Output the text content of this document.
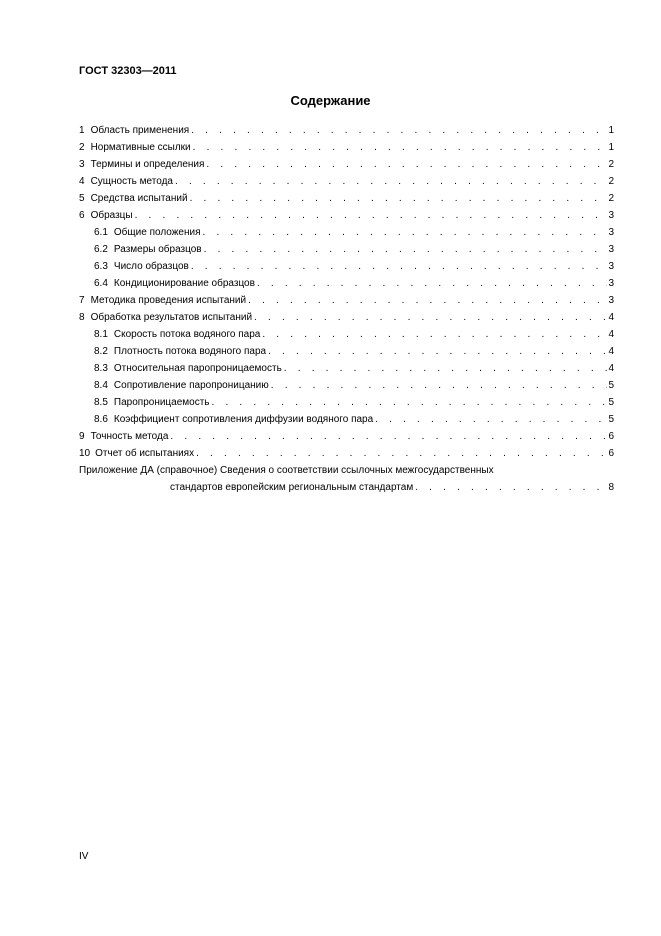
ГОСТ 32303—2011
Содержание
1 Область применения . . .	1
2 Нормативные ссылки . . .	1
3 Термины и определения . . .	2
4 Сущность метода . . .	2
5 Средства испытаний . . .	2
6 Образцы . . .	3
6.1 Общие положения . . .	3
6.2 Размеры образцов . . .	3
6.3 Число образцов . . .	3
6.4 Кондиционирование образцов . . .	3
7 Методика проведения испытаний . . .	3
8 Обработка результатов испытаний . . .	4
8.1 Скорость потока водяного пара . . .	4
8.2 Плотность потока водяного пара . . .	4
8.3 Относительная паропроницаемость . . .	4
8.4 Сопротивление паропроницанию . . .	5
8.5 Паропроницаемость . . .	5
8.6 Коэффициент сопротивления диффузии водяного пара . . .	5
9 Точность метода . . .	6
10 Отчет об испытаниях . . .	6
Приложение ДА (справочное) Сведения о соответствии ссылочных межгосударственных
стандартов европейским региональным стандартам . . .	8
IV
